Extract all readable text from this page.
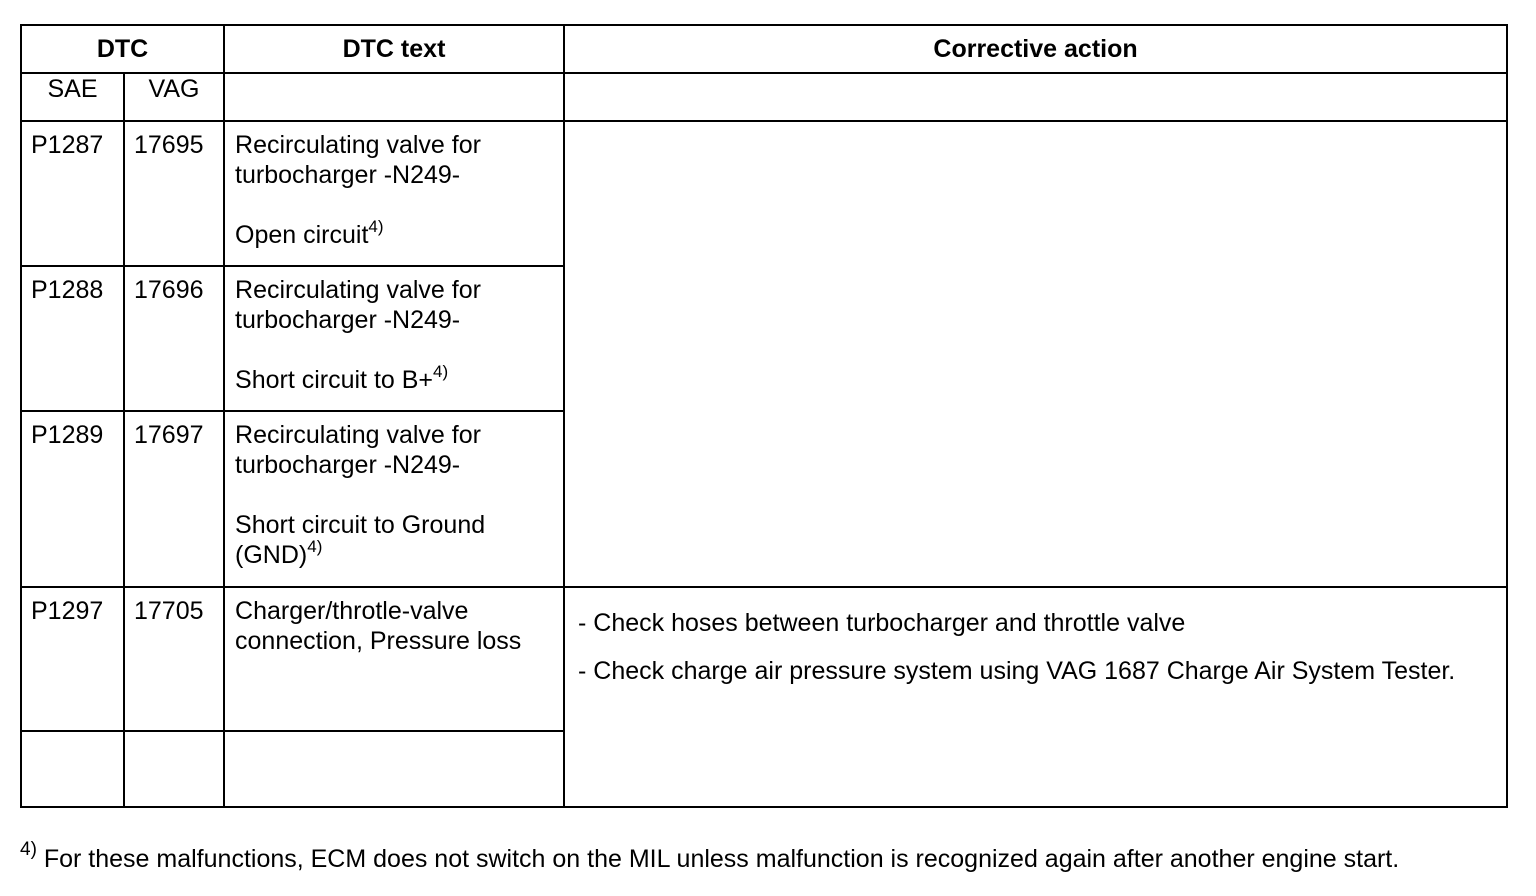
DTC		DTC text	Corrective action
SAE	VAG		
P1287	17695	Recirculating valve for turbocharger -N249-
Open circuit$^{4)}$

P1288	17696	Recirculating valve for turbocharger -N249-
Short circuit to B+$^{4)}$

P1289	17697	Recirculating valve for turbocharger -N249-
Short circuit to Ground (GND)$^{4)}$

P1297	17705	Charger/throtle-valve connection, Pressure loss	- Check hoses between turbocharger and throttle valve

- Check charge air pressure system using VAG 1687 Charge Air System Tester.

$^{4)}$ For these malfunctions, ECM does not switch on the MIL unless malfunction is recognized again after another engine start.
